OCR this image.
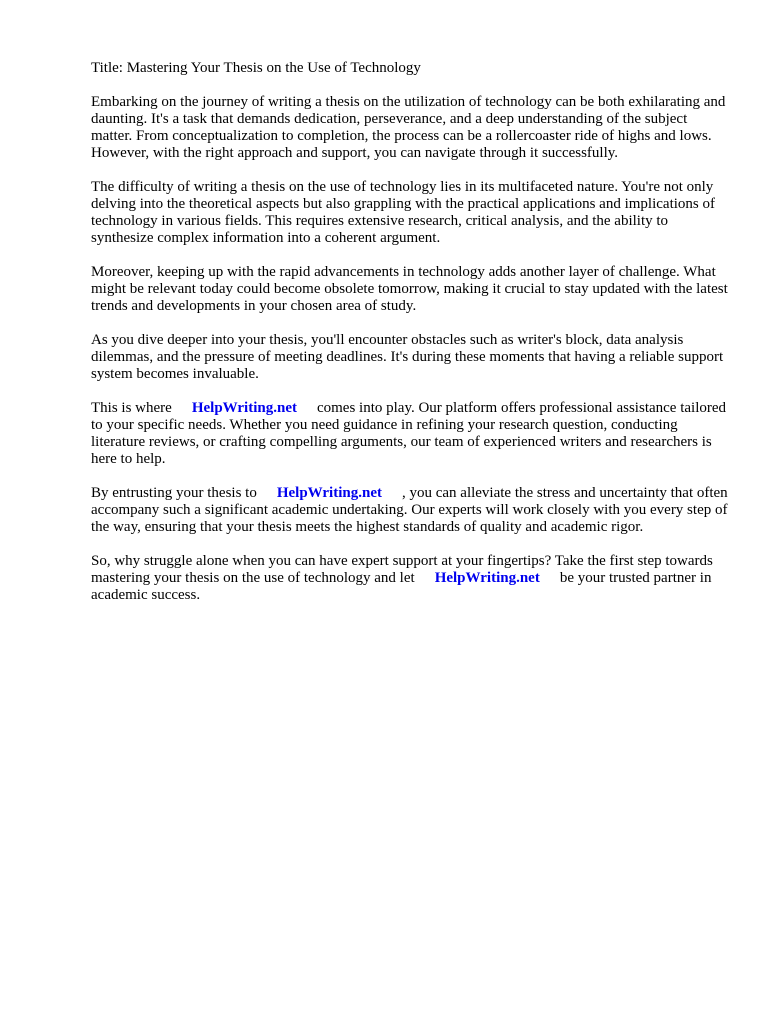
Title: Mastering Your Thesis on the Use of Technology

Embarking on the journey of writing a thesis on the utilization of technology can be both exhilarating and daunting. It's a task that demands dedication, perseverance, and a deep understanding of the subject matter. From conceptualization to completion, the process can be a rollercoaster ride of highs and lows. However, with the right approach and support, you can navigate through it successfully.

The difficulty of writing a thesis on the use of technology lies in its multifaceted nature. You're not only delving into the theoretical aspects but also grappling with the practical applications and implications of technology in various fields. This requires extensive research, critical analysis, and the ability to synthesize complex information into a coherent argument.

Moreover, keeping up with the rapid advancements in technology adds another layer of challenge. What might be relevant today could become obsolete tomorrow, making it crucial to stay updated with the latest trends and developments in your chosen area of study.

As you dive deeper into your thesis, you'll encounter obstacles such as writer's block, data analysis dilemmas, and the pressure of meeting deadlines. It's during these moments that having a reliable support system becomes invaluable.

This is where HelpWriting.net comes into play. Our platform offers professional assistance tailored to your specific needs. Whether you need guidance in refining your research question, conducting literature reviews, or crafting compelling arguments, our team of experienced writers and researchers is here to help.

By entrusting your thesis to HelpWriting.net , you can alleviate the stress and uncertainty that often accompany such a significant academic undertaking. Our experts will work closely with you every step of the way, ensuring that your thesis meets the highest standards of quality and academic rigor.

So, why struggle alone when you can have expert support at your fingertips? Take the first step towards mastering your thesis on the use of technology and let HelpWriting.net be your trusted partner in academic success.
